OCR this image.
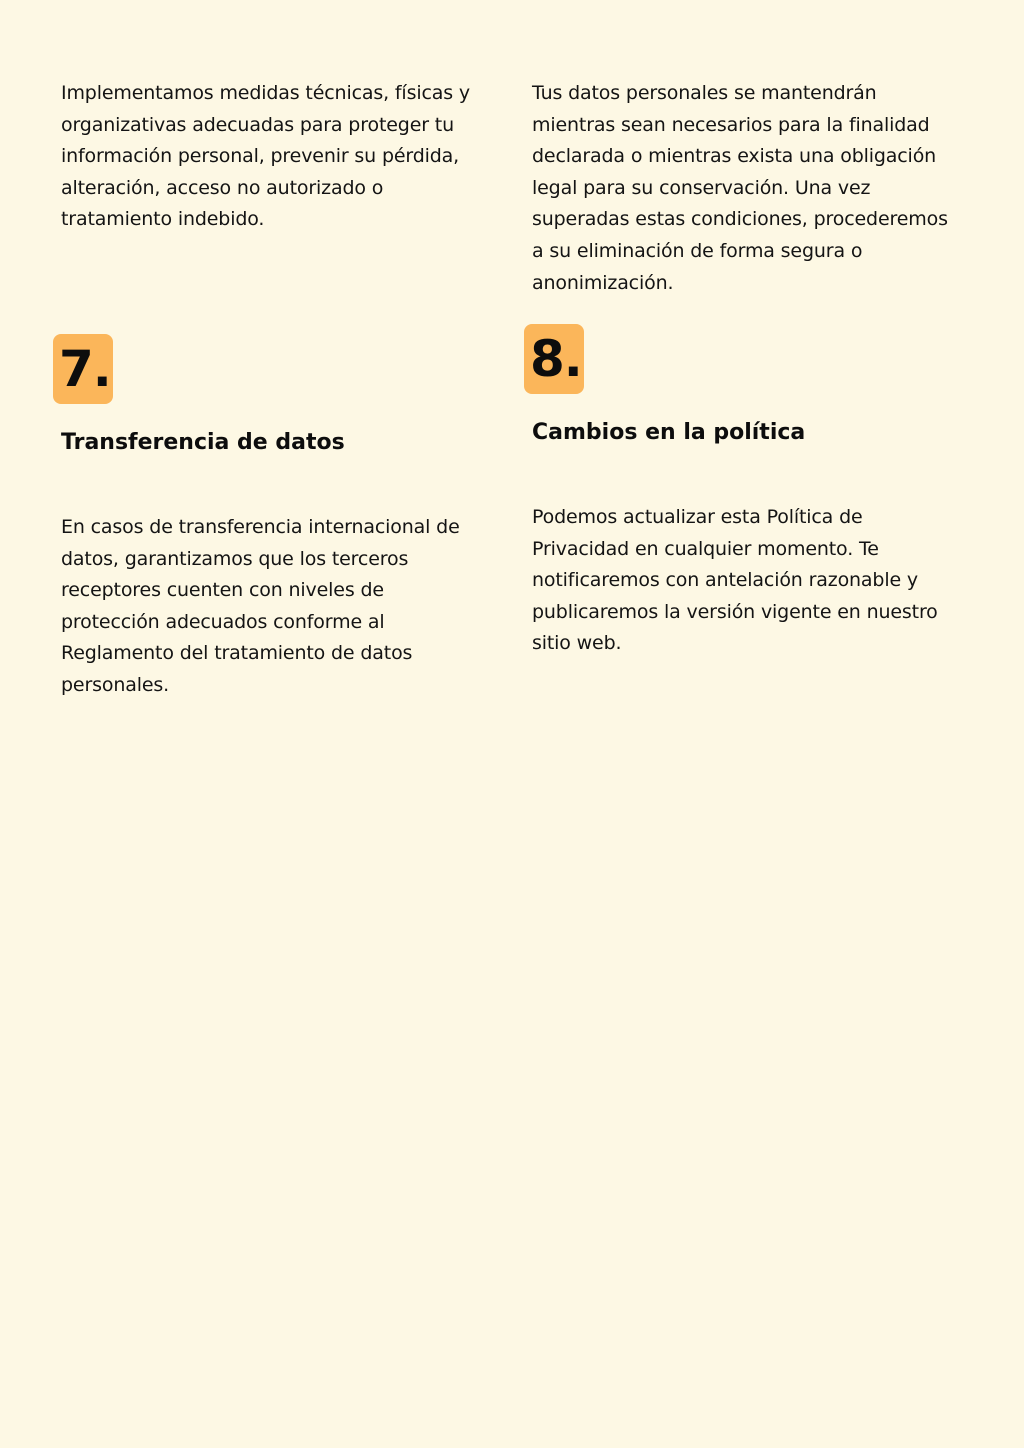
Implementamos medidas técnicas, físicas y organizativas adecuadas para proteger tu información personal, prevenir su pérdida, alteración, acceso no autorizado o tratamiento indebido.

7.
Transferencia de datos

En casos de transferencia internacional de datos, garantizamos que los terceros receptores cuenten con niveles de protección adecuados conforme al Reglamento del tratamiento de datos personales.

Tus datos personales se mantendrán mientras sean necesarios para la finalidad declarada o mientras exista una obligación legal para su conservación. Una vez superadas estas condiciones, procederemos a su eliminación de forma segura o anonimización.

8.
Cambios en la política

Podemos actualizar esta Política de Privacidad en cualquier momento. Te notificaremos con antelación razonable y publicaremos la versión vigente en nuestro sitio web.
